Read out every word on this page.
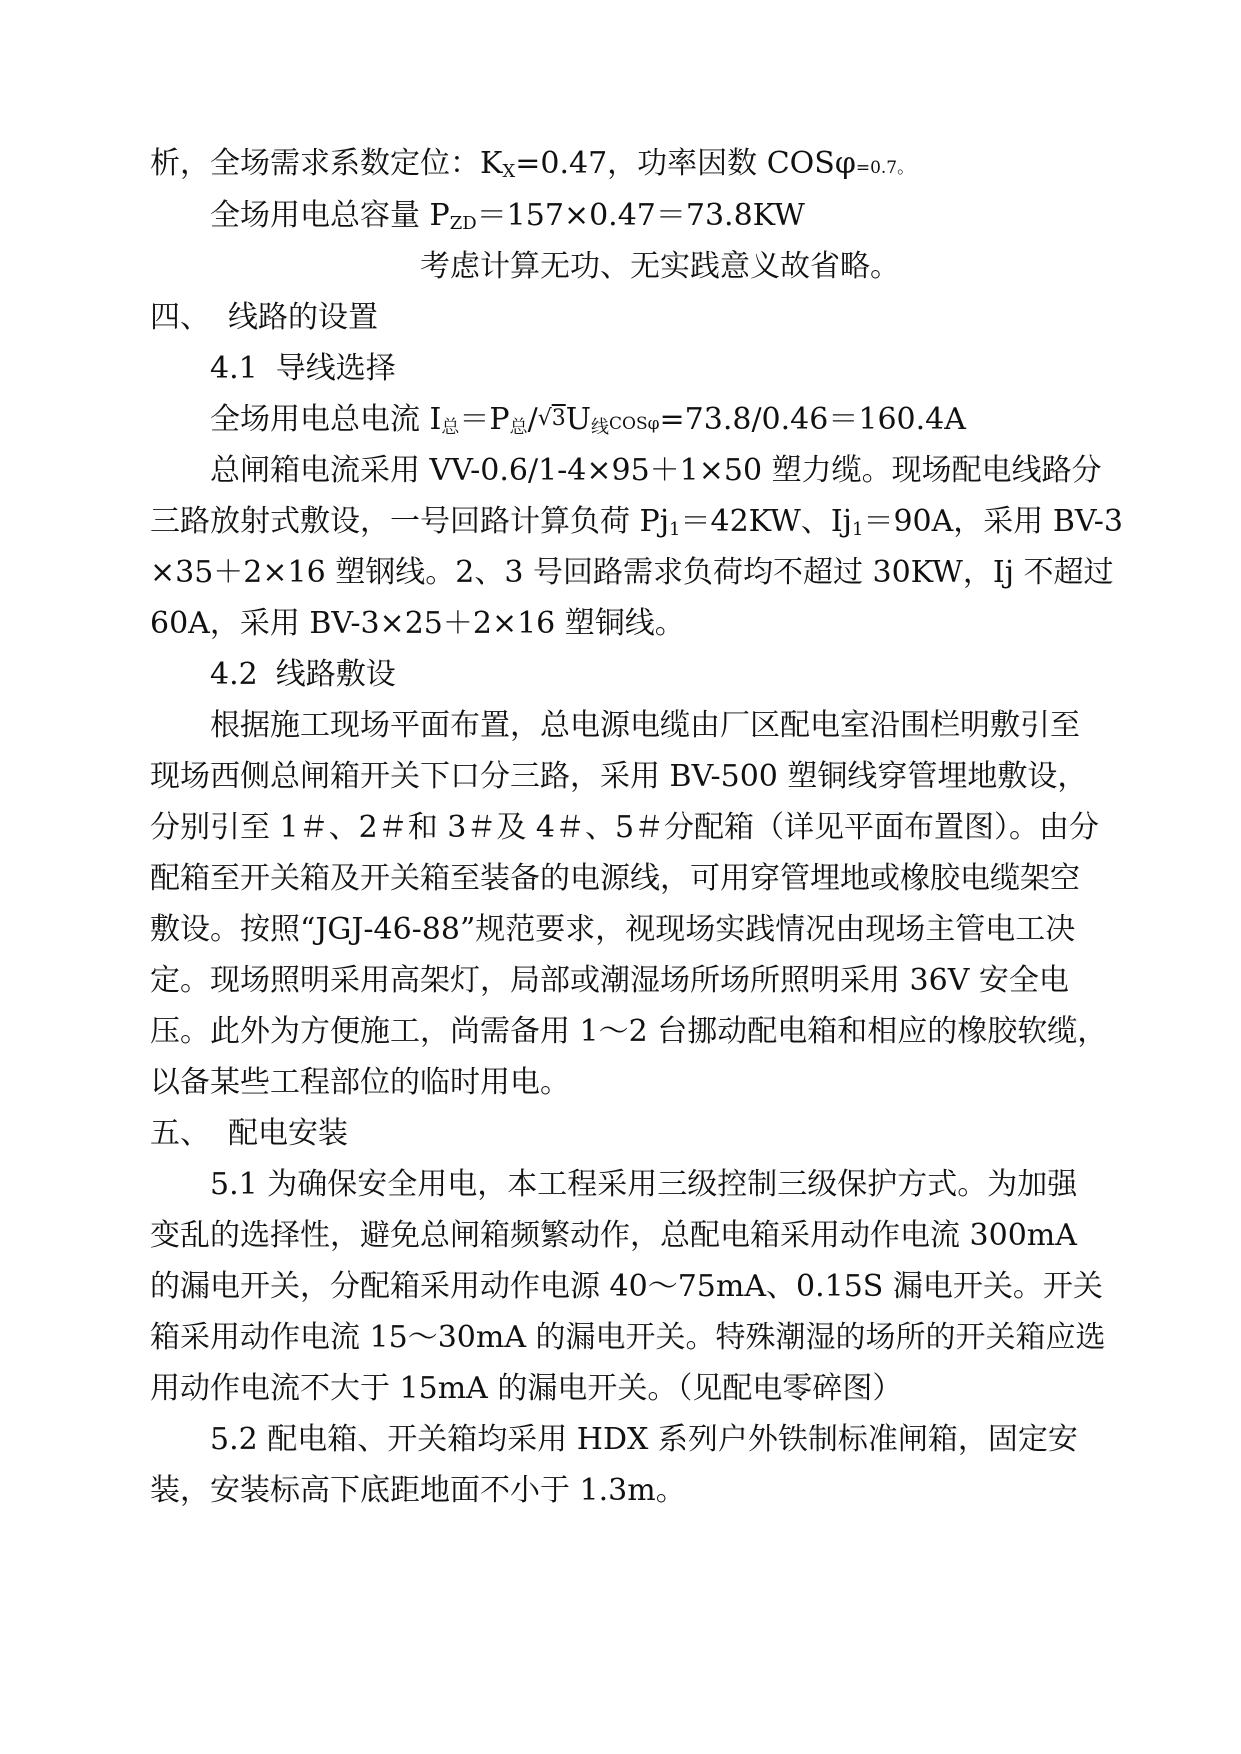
析，全场需求系数定位：$K_X=0.47$，功率因数 COSφ=0.7。
全场用电总容量 $P_{ZD}=157\times 0.47=73.8KW$
考虑计算无功、无实践意义故省略。
四、 线路的设置
4.1 导线选择
全场用电总电流 $I_总=P_总/√3U_线COS\varphi=73.8/0.46=160.4A$
总闸箱电流采用 VV-0.6/1-4×95＋1×50 塑力缆。现场配电线路分
三路放射式敷设，一号回路计算负荷 $Pj_1=42KW$、$Ij_1=90A$，采用 BV-3
×35＋2×16 塑钢线。2、3 号回路需求负荷均不超过 30KW，Ij 不超过
60A，采用 BV-3×25＋2×16 塑铜线。
4.2 线路敷设
根据施工现场平面布置，总电源电缆由厂区配电室沿围栏明敷引至
现场西侧总闸箱开关下口分三路，采用 BV-500 塑铜线穿管埋地敷设，
分别引至 1＃、2＃和 3＃及 4＃、5＃分配箱（详见平面布置图）。由分
配箱至开关箱及开关箱至装备的电源线，可用穿管埋地或橡胶电缆架空
敷设。按照“JGJ-46-88”规范要求，视现场实践情况由现场主管电工决
定。现场照明采用高架灯，局部或潮湿场所场所照明采用 36V 安全电
压。此外为方便施工，尚需备用 1～2 台挪动配电箱和相应的橡胶软缆，
以备某些工程部位的临时用电。
五、 配电安装
5.1 为确保安全用电，本工程采用三级控制三级保护方式。为加强
变乱的选择性，避免总闸箱频繁动作，总配电箱采用动作电流 300mA
的漏电开关，分配箱采用动作电源 40～75mA、0.15S 漏电开关。开关
箱采用动作电流 15～30mA 的漏电开关。特殊潮湿的场所的开关箱应选
用动作电流不大于 15mA 的漏电开关。（见配电零碎图）
5.2 配电箱、开关箱均采用 HDX 系列户外铁制标准闸箱，固定安
装，安装标高下底距地面不小于 1.3m。
